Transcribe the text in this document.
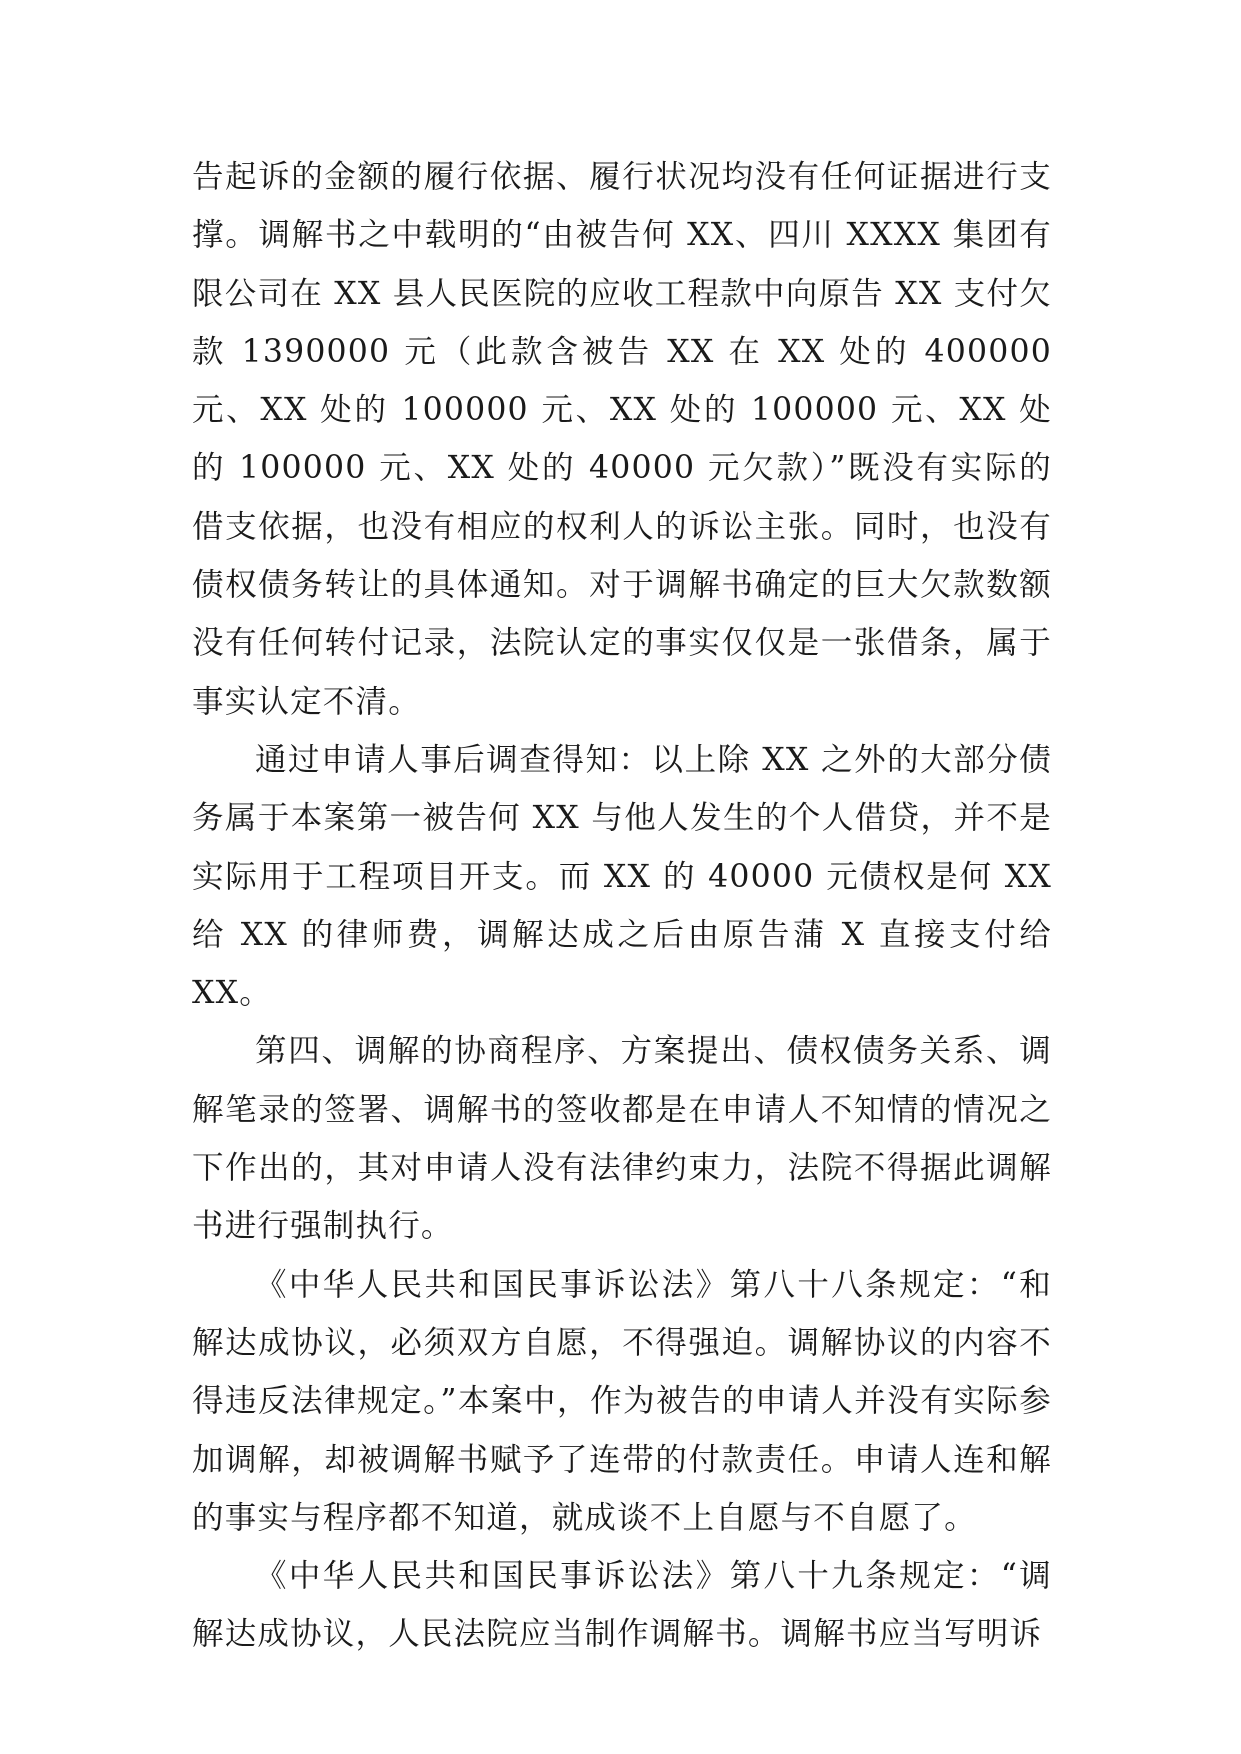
告起诉的金额的履行依据、履行状况均没有任何证据进行支撑。调解书之中载明的“由被告何 XX、四川 XXXX 集团有限公司在 XX 县人民医院的应收工程款中向原告 XX 支付欠款 1390000 元（此款含被告 XX 在 XX 处的 400000 元、XX 处的 100000 元、XX 处的 100000 元、XX 处的 100000 元、XX 处的 40000 元欠款）”既没有实际的借支依据，也没有相应的权利人的诉讼主张。同时，也没有债权债务转让的具体通知。对于调解书确定的巨大欠款数额没有任何转付记录，法院认定的事实仅仅是一张借条，属于事实认定不清。

通过申请人事后调查得知：以上除 XX 之外的大部分债务属于本案第一被告何 XX 与他人发生的个人借贷，并不是实际用于工程项目开支。而 XX 的 40000 元债权是何 XX 给 XX 的律师费，调解达成之后由原告蒲 X 直接支付给 XX。

第四、调解的协商程序、方案提出、债权债务关系、调解笔录的签署、调解书的签收都是在申请人不知情的情况之下作出的，其对申请人没有法律约束力，法院不得据此调解书进行强制执行。

《中华人民共和国民事诉讼法》第八十八条规定：“和解达成协议，必须双方自愿，不得强迫。调解协议的内容不得违反法律规定。”本案中，作为被告的申请人并没有实际参加调解，却被调解书赋予了连带的付款责任。申请人连和解的事实与程序都不知道，就成谈不上自愿与不自愿了。

《中华人民共和国民事诉讼法》第八十九条规定：“调解达成协议，人民法院应当制作调解书。调解书应当写明诉
